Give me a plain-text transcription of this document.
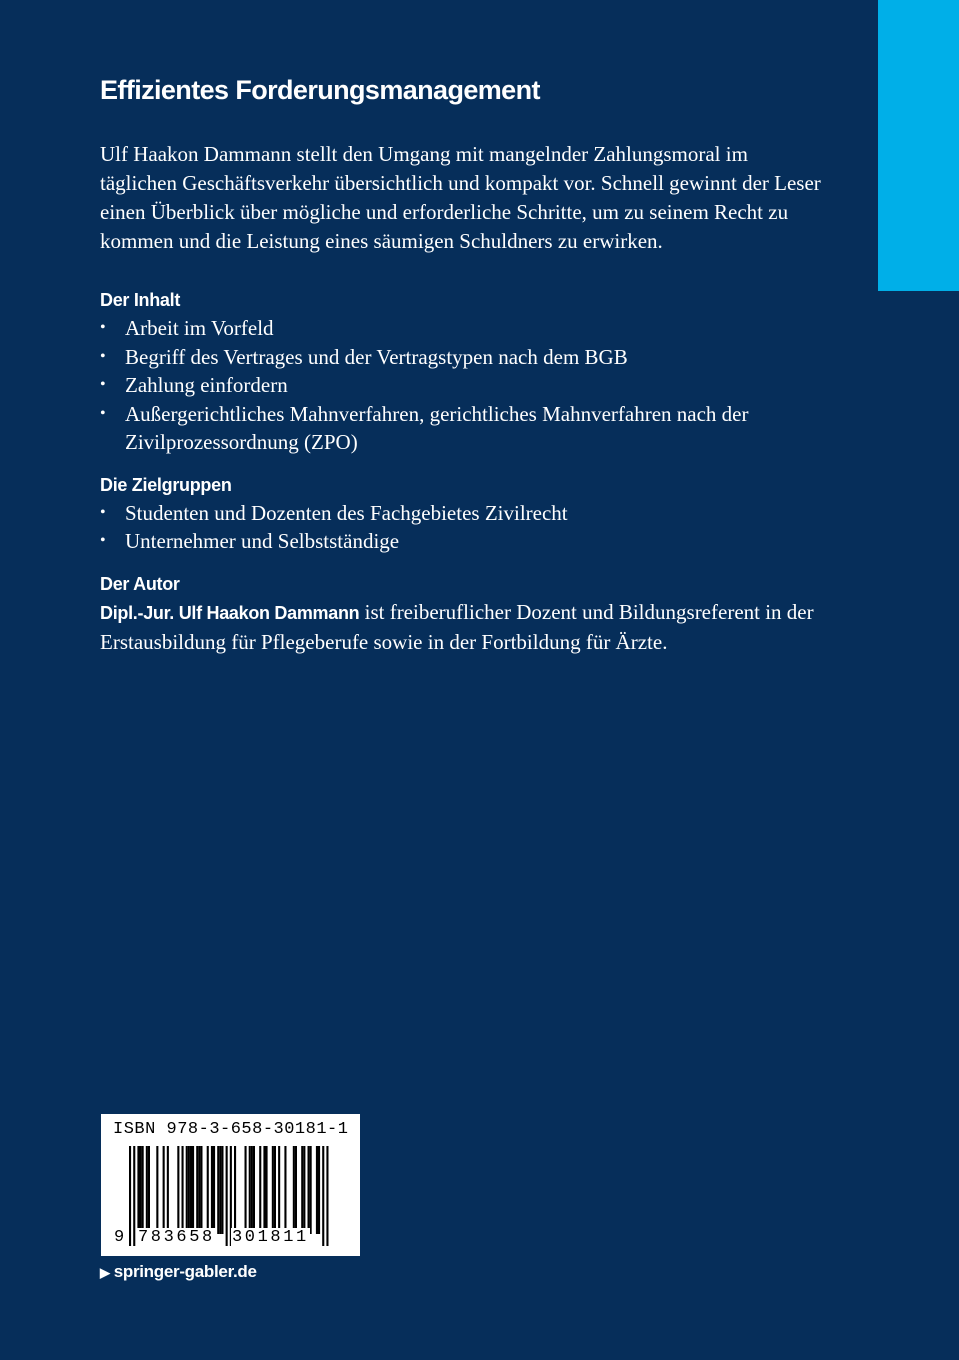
Effizientes Forderungsmanagement

Ulf Haakon Dammann stellt den Umgang mit mangelnder Zahlungsmoral im täglichen Geschäftsverkehr übersichtlich und kompakt vor. Schnell gewinnt der Leser einen Überblick über mögliche und erforderliche Schritte, um zu seinem Recht zu kommen und die Leistung eines säumigen Schuldners zu erwirken.

Der Inhalt
• Arbeit im Vorfeld
• Begriff des Vertrages und der Vertragstypen nach dem BGB
• Zahlung einfordern
• Außergerichtliches Mahnverfahren, gerichtliches Mahnverfahren nach der Zivilprozessordnung (ZPO)
Die Zielgruppen
• Studenten und Dozenten des Fachgebietes Zivilrecht
• Unternehmer und Selbstständige
Der Autor

Dipl.-Jur. Ulf Haakon Dammann ist freiberuflicher Dozent und Bildungsreferent in der Erstausbildung für Pflegeberufe sowie in der Fortbildung für Ärzte.

ISBN 978-3-658-30181-1
9 783658 301811
▶ springer-gabler.de
